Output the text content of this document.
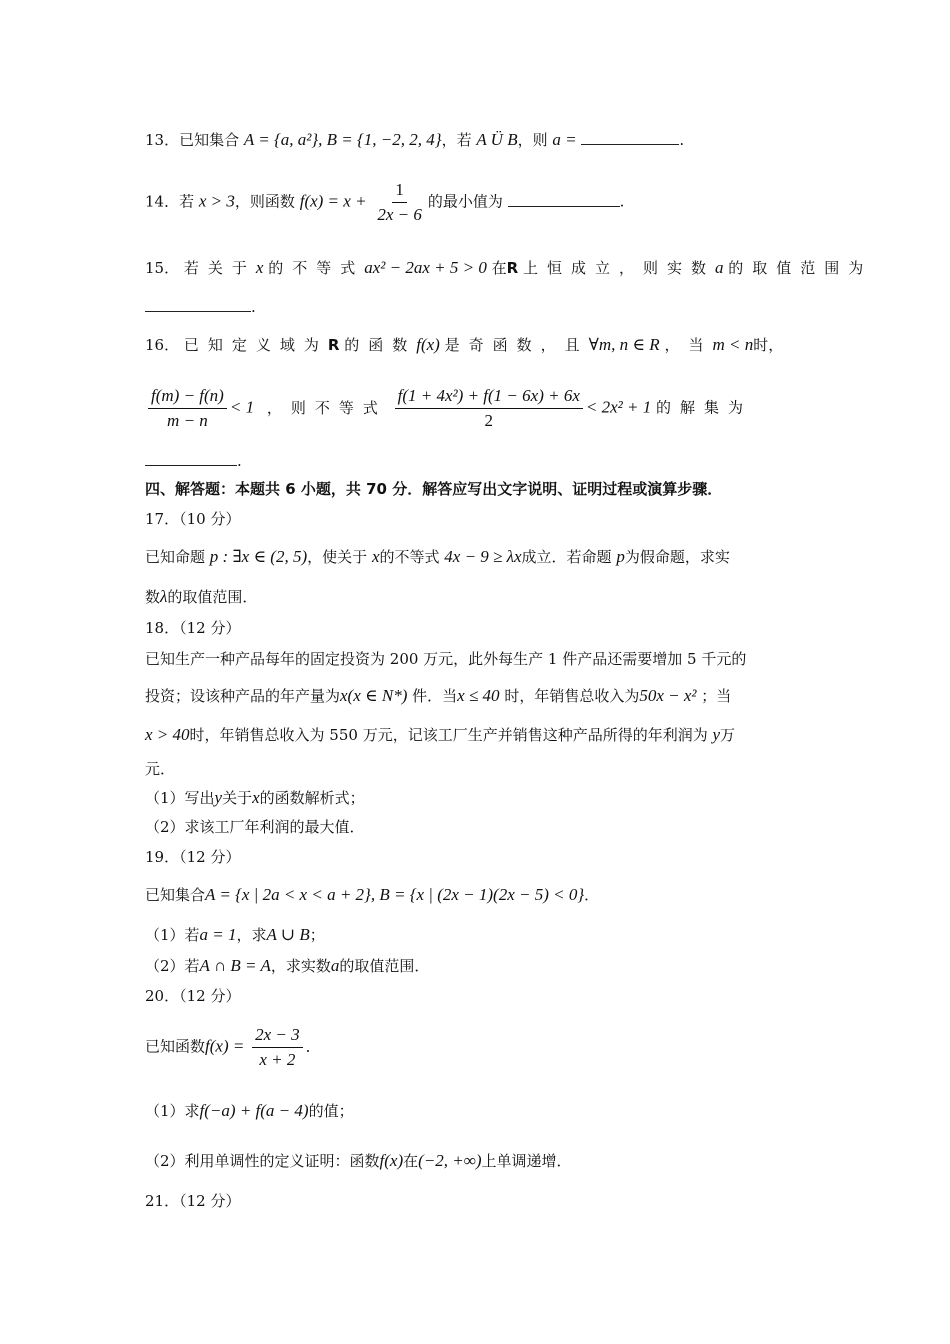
13．已知集合 A = {a, a²}, B = {1, −2, 2, 4}，若 A Ü B，则 a =	.
14．若 x > 3，则函数 $f(x) = x + \frac{1}{2x - 6}$ 的最小值为	.
15． 若关于x 的不等式ax² − 2ax + 5 > 0 在R 上恒成立，则实数a 的取值范围为
.
16． 已知定义域为R 的函数f(x) 是奇函数，且∀m, n ∈ R ，当m < n时，
$\frac{f(m) - f(n)}{m - n} < 1$ ，则不等式 $\frac{\text{f(1 + 4x²) + f(1 − 6x) + 6x}}{2} < 2x^2 + 1$ 的解集为
.
四、解答题：本题共 6 小题，共 70 分．解答应写出文字说明、证明过程或演算步骤．
17．（10 分）
已知命题 p : ∃x ∈ (2, 5)，使关于 x的不等式 4x − 9 ≥ λx成立．若命题 p为假命题，求实
数λ的取值范围．
18．（12 分）
已知生产一种产品每年的固定投资为 200 万元，此外每生产 1 件产品还需要增加 5 千元的
投资；设该种产品的年产量为x(x ∈ N*) 件．当x ≤ 40 时，年销售总收入为50x − x² ；当
x > 40时，年销售总收入为 550 万元，记该工厂生产并销售这种产品所得的年利润为 y万
元．
（1）写出y关于x的函数解析式；
（2）求该工厂年利润的最大值．
19．（12 分）
已知集合A = {x | 2a < x < a + 2}, B = {x | (2x − 1)(2x − 5) < 0}．
（1）若a = 1，求A ∪ B；
（2）若A ∩ B = A，求实数a的取值范围．
20．（12 分）
已知函数$f(x) = \frac{2x - 3}{x + 2}$ ．
（1）求f(−a) + f(a − 4)的值；
（2）利用单调性的定义证明：函数f(x)在(−2, +∞)上单调递增．
21．（12 分）
